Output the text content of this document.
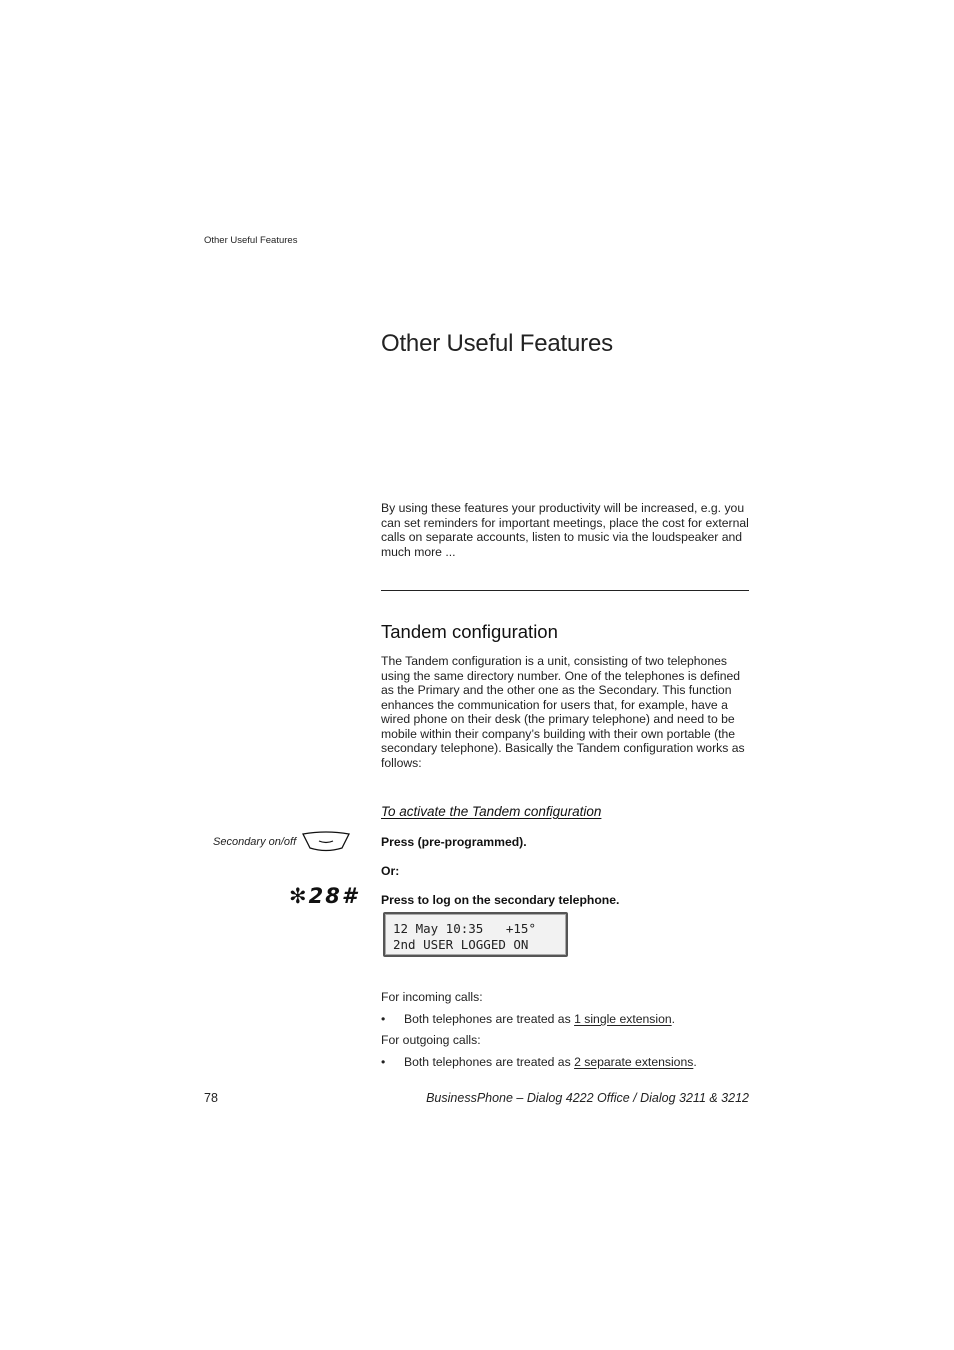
Other Useful Features
Other Useful Features
By using these features your productivity will be increased, e.g. you can set reminders for important meetings, place the cost for external calls on separate accounts, listen to music via the loudspeaker and much more ...
Tandem configuration
The Tandem configuration is a unit, consisting of two telephones using the same directory number. One of the telephones is defined as the Primary and the other one as the Secondary. This function enhances the communication for users that, for example, have a wired phone on their desk (the primary telephone) and need to be mobile within their company’s building with their own portable (the secondary telephone). Basically the Tandem configuration works as follows:
To activate the Tandem configuration
Secondary on/off	Press (pre-programmed).
Or:
✻28# Press to log on the secondary telephone.
12 May 10:35   +15°
2nd USER LOGGED ON
For incoming calls:
• Both telephones are treated as 1 single extension.
For outgoing calls:
• Both telephones are treated as 2 separate extensions.
78	BusinessPhone – Dialog 4222 Office / Dialog 3211 & 3212
